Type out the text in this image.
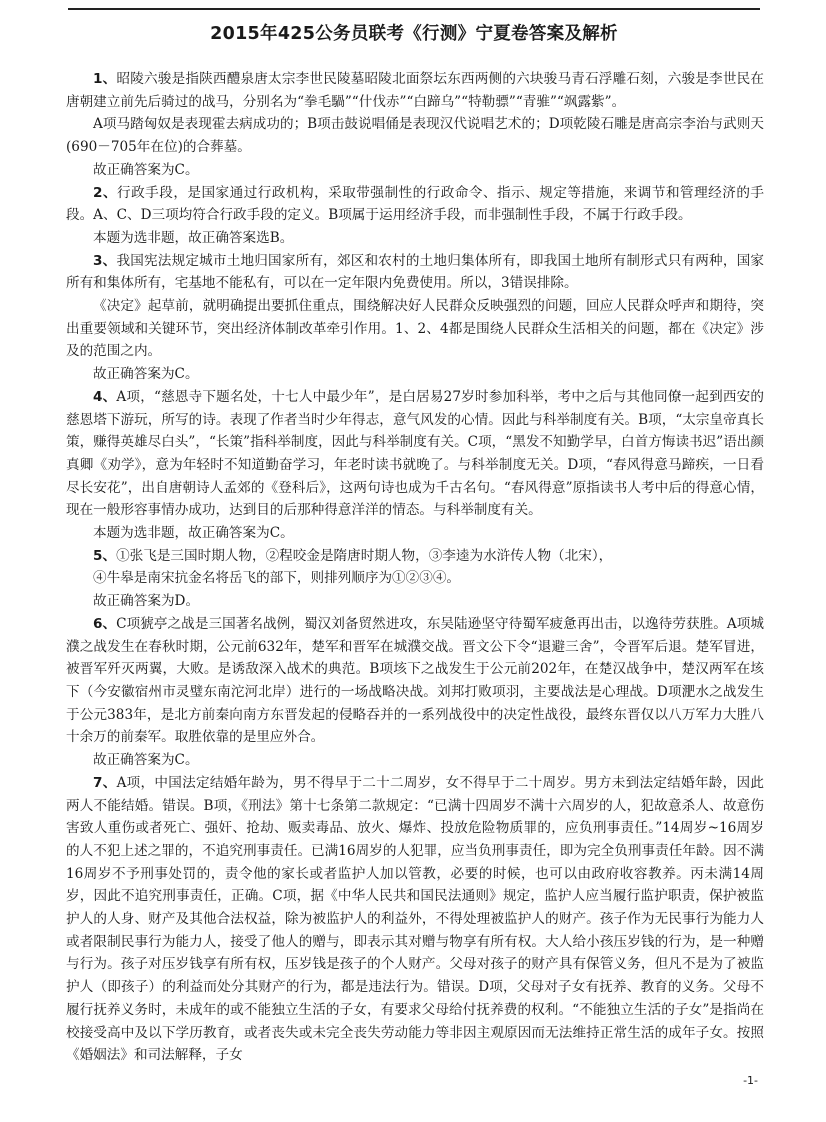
2015年425公务员联考《行测》宁夏卷答案及解析

1、昭陵六骏是指陕西醴泉唐太宗李世民陵墓昭陵北面祭坛东西两侧的六块骏马青石浮雕石刻，六骏是李世民在唐朝建立前先后骑过的战马，分别名为“拳毛騧”“什伐赤”“白蹄乌”“特勒骠”“青骓”“飒露紫”。

A项马踏匈奴是表现霍去病成功的；B项击鼓说唱俑是表现汉代说唱艺术的；D项乾陵石雕是唐高宗李治与武则天(690－705年在位)的合葬墓。

故正确答案为C。

2、行政手段，是国家通过行政机构，采取带强制性的行政命令、指示、规定等措施，来调节和管理经济的手段。A、C、D三项均符合行政手段的定义。B项属于运用经济手段，而非强制性手段，不属于行政手段。

本题为选非题，故正确答案选B。

3、我国宪法规定城市土地归国家所有，郊区和农村的土地归集体所有，即我国土地所有制形式只有两种，国家所有和集体所有，宅基地不能私有，可以在一定年限内免费使用。所以，3错误排除。

《决定》起草前，就明确提出要抓住重点，围绕解决好人民群众反映强烈的问题，回应人民群众呼声和期待，突出重要领域和关键环节，突出经济体制改革牵引作用。1、2、4都是围绕人民群众生活相关的问题，都在《决定》涉及的范围之内。

故正确答案为C。

4、A项，“慈恩寺下题名处，十七人中最少年”，是白居易27岁时参加科举，考中之后与其他同僚一起到西安的慈恩塔下游玩，所写的诗。表现了作者当时少年得志，意气风发的心情。因此与科举制度有关。B项，“太宗皇帝真长策，赚得英雄尽白头”，“长策”指科举制度，因此与科举制度有关。C项，“黑发不知勤学早，白首方悔读书迟”语出颜真卿《劝学》，意为年轻时不知道勤奋学习，年老时读书就晚了。与科举制度无关。D项，“春风得意马蹄疾，一日看尽长安花”，出自唐朝诗人孟郊的《登科后》，这两句诗也成为千古名句。“春风得意”原指读书人考中后的得意心情，现在一般形容事情办成功，达到目的后那种得意洋洋的情态。与科举制度有关。

本题为选非题，故正确答案为C。

5、①张飞是三国时期人物，②程咬金是隋唐时期人物，③李逵为水浒传人物（北宋），

④牛皋是南宋抗金名将岳飞的部下，则排列顺序为①②③④。

故正确答案为D。

6、C项猇亭之战是三国著名战例，蜀汉刘备贸然进攻，东吴陆逊坚守待蜀军疲惫再出击，以逸待劳获胜。A项城濮之战发生在春秋时期，公元前632年，楚军和晋军在城濮交战。晋文公下令“退避三舍”，令晋军后退。楚军冒进，被晋军歼灭两翼，大败。是诱敌深入战术的典范。B项垓下之战发生于公元前202年，在楚汉战争中，楚汉两军在垓下（今安徽宿州市灵璧东南沱河北岸）进行的一场战略决战。刘邦打败项羽，主要战法是心理战。D项淝水之战发生于公元383年，是北方前秦向南方东晋发起的侵略吞并的一系列战役中的决定性战役，最终东晋仅以八万军力大胜八十余万的前秦军。取胜依靠的是里应外合。

故正确答案为C。

7、A项，中国法定结婚年龄为，男不得早于二十二周岁，女不得早于二十周岁。男方未到法定结婚年龄，因此两人不能结婚。错误。B项，《刑法》第十七条第二款规定：“已满十四周岁不满十六周岁的人，犯故意杀人、故意伤害致人重伤或者死亡、强奸、抢劫、贩卖毒品、放火、爆炸、投放危险物质罪的，应负刑事责任。”14周岁~16周岁的人不犯上述之罪的，不追究刑事责任。已满16周岁的人犯罪，应当负刑事责任，即为完全负刑事责任年龄。因不满16周岁不予刑事处罚的，责令他的家长或者监护人加以管教，必要的时候，也可以由政府收容教养。丙未满14周岁，因此不追究刑事责任，正确。C项，据《中华人民共和国民法通则》规定，监护人应当履行监护职责，保护被监护人的人身、财产及其他合法权益，除为被监护人的利益外，不得处理被监护人的财产。孩子作为无民事行为能力人或者限制民事行为能力人，接受了他人的赠与，即表示其对赠与物享有所有权。大人给小孩压岁钱的行为，是一种赠与行为。孩子对压岁钱享有所有权，压岁钱是孩子的个人财产。父母对孩子的财产具有保管义务，但凡不是为了被监护人（即孩子）的利益而处分其财产的行为，都是违法行为。错误。D项，父母对子女有抚养、教育的义务。父母不履行抚养义务时，未成年的或不能独立生活的子女，有要求父母给付抚养费的权利。“不能独立生活的子女”是指尚在校接受高中及以下学历教育，或者丧失或未完全丧失劳动能力等非因主观原因而无法维持正常生活的成年子女。按照《婚姻法》和司法解释，子女

-1-
